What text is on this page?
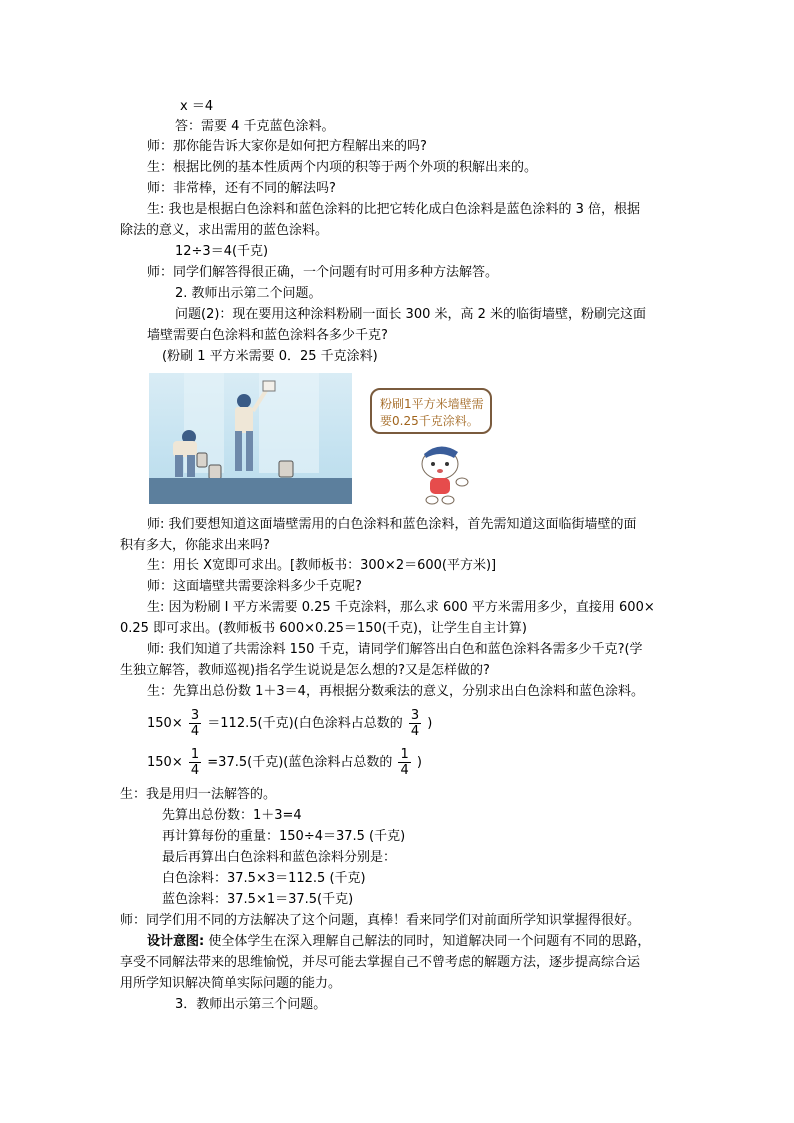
x ＝4
答：需要 4 千克蓝色涂料。
师：那你能告诉大家你是如何把方程解出来的吗?
生：根据比例的基本性质两个内项的积等于两个外项的积解出来的。
师：非常棒，还有不同的解法吗?
生: 我也是根据白色涂料和蓝色涂料的比把它转化成白色涂料是蓝色涂料的 3 倍，根据
除法的意义，求出需用的蓝色涂料。
12÷3＝4(千克)
师：同学们解答得很正确，一个问题有时可用多种方法解答。
2. 教师出示第二个问题。
问题(2)：现在要用这种涂料粉刷一面长 300 米，高 2 米的临街墙壁，粉刷完这面
墙壁需要白色涂料和蓝色涂料各多少千克?
(粉刷 1 平方米需要 0．25 千克涂料)
粉刷1平方米墙壁需要0.25千克涂料。
师: 我们要想知道这面墙壁需用的白色涂料和蓝色涂料，首先需知道这面临街墙壁的面
积有多大，你能求出来吗?
生：用长 X宽即可求出。[教师板书：300×2＝600(平方米)]
师：这面墙壁共需要涂料多少千克呢?
生: 因为粉刷 I 平方米需要 0.25 千克涂料，那么求 600 平方米需用多少，直接用 600×
0.25 即可求出。(教师板书 600×0.25＝150(千克)，让学生自主计算)
师: 我们知道了共需涂料 150 千克，请同学们解答出白色和蓝色涂料各需多少千克?(学
生独立解答，教师巡视)指名学生说说是怎么想的?又是怎样做的?
生：先算出总份数 1＋3＝4，再根据分数乘法的意义，分别求出白色涂料和蓝色涂料。
$150\times \frac{3}{4} =112.5$(千克)(白色涂料占总数的 $\frac{3}{4}$ )
$150\times \frac{1}{4} =37.5$(千克)(蓝色涂料占总数的 $\frac{1}{4}$ )
生：我是用归一法解答的。
先算出总份数：1＋3=4
再计算每份的重量：150÷4＝37.5 (千克)
最后再算出白色涂料和蓝色涂料分别是：
白色涂料：37.5×3＝112.5 (千克)
蓝色涂料：37.5×1＝37.5(千克)
师：同学们用不同的方法解决了这个问题，真棒！看来同学们对前面所学知识掌握得很好。
设计意图: 使全体学生在深入理解自己解法的同时，知道解决同一个问题有不同的思路，
享受不同解法带来的思维愉悦，并尽可能去掌握自己不曾考虑的解题方法，逐步提高综合运
用所学知识解决简单实际问题的能力。
3．教师出示第三个问题。
